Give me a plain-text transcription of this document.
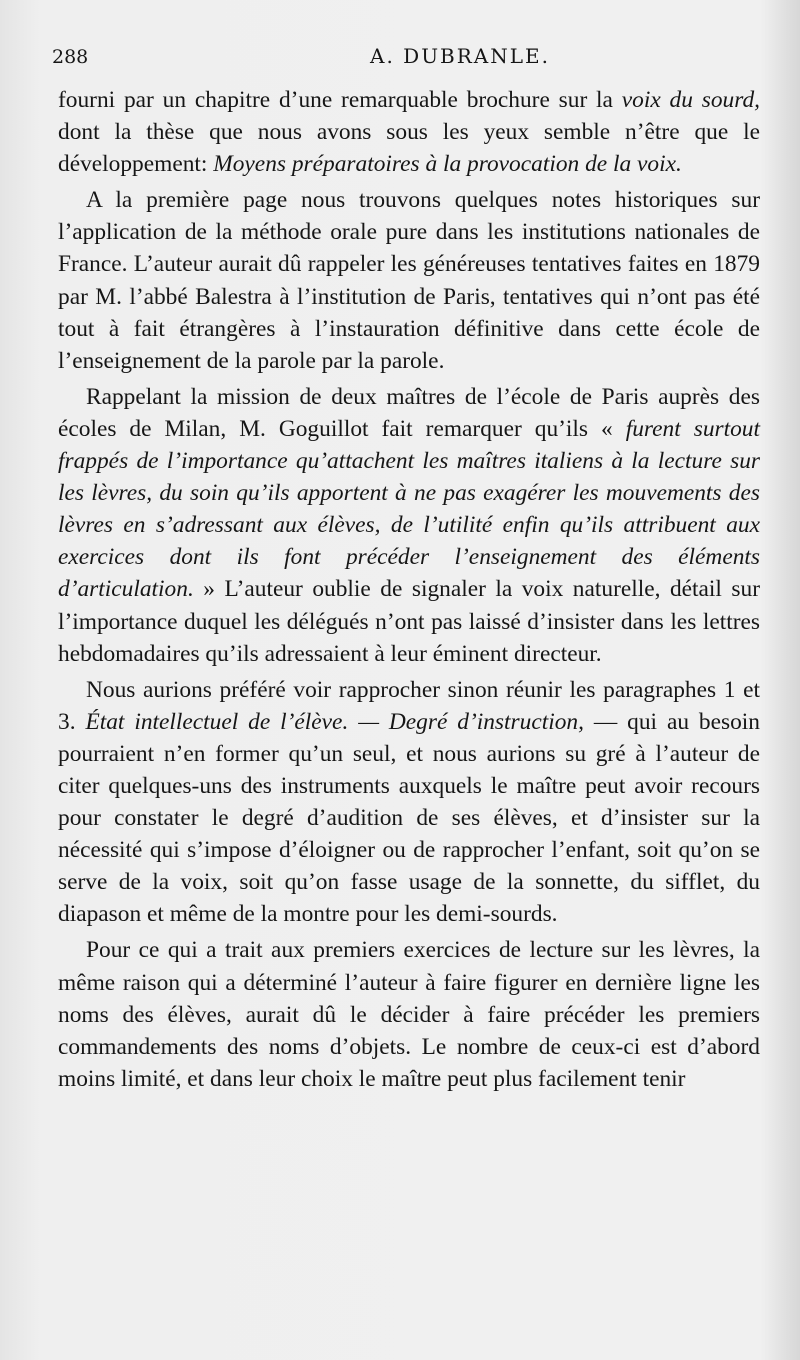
288	A. DUBRANLE.

fourni par un chapitre d’une remarquable brochure sur la voix du sourd, dont la thèse que nous avons sous les yeux semble n’être que le développement: Moyens préparatoires à la provocation de la voix.

A la première page nous trouvons quelques notes historiques sur l’application de la méthode orale pure dans les institutions nationales de France. L’auteur aurait dû rappeler les généreuses tentatives faites en 1879 par M. l’abbé Balestra à l’institution de Paris, tentatives qui n’ont pas été tout à fait étrangères à l’instauration définitive dans cette école de l’enseignement de la parole par la parole.

Rappelant la mission de deux maîtres de l’école de Paris auprès des écoles de Milan, M. Goguillot fait remarquer qu’ils « furent surtout frappés de l’importance qu’attachent les maîtres italiens à la lecture sur les lèvres, du soin qu’ils apportent à ne pas exagérer les mouvements des lèvres en s’adressant aux élèves, de l’utilité enfin qu’ils attribuent aux exercices dont ils font précéder l’enseignement des éléments d’articulation. » L’auteur oublie de signaler la voix naturelle, détail sur l’importance duquel les délégués n’ont pas laissé d’insister dans les lettres hebdomadaires qu’ils adressaient à leur éminent directeur.

Nous aurions préféré voir rapprocher sinon réunir les paragraphes 1 et 3. État intellectuel de l’élève. — Degré d’instruction, — qui au besoin pourraient n’en former qu’un seul, et nous aurions su gré à l’auteur de citer quelques-uns des instruments auxquels le maître peut avoir recours pour constater le degré d’audition de ses élèves, et d’insister sur la nécessité qui s’impose d’éloigner ou de rapprocher l’enfant, soit qu’on se serve de la voix, soit qu’on fasse usage de la sonnette, du sifflet, du diapason et même de la montre pour les demi-sourds.

Pour ce qui a trait aux premiers exercices de lecture sur les lèvres, la même raison qui a déterminé l’auteur à faire figurer en dernière ligne les noms des élèves, aurait dû le décider à faire précéder les premiers commandements des noms d’objets. Le nombre de ceux-ci est d’abord moins limité, et dans leur choix le maître peut plus facilement tenir
